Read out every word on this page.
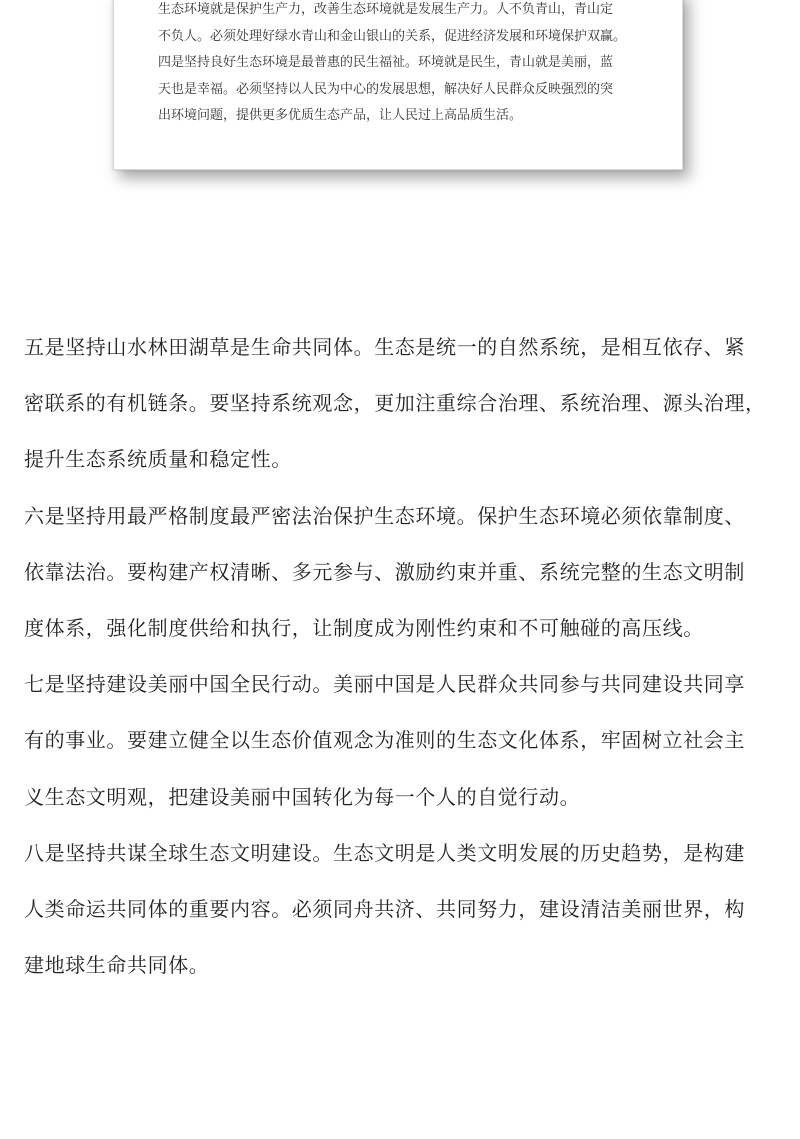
生态环境就是保护生产力，改善生态环境就是发展生产力。人不负青山，青山定
不负人。必须处理好绿水青山和金山银山的关系，促进经济发展和环境保护双赢。
四是坚持良好生态环境是最普惠的民生福祉。环境就是民生，青山就是美丽，蓝
天也是幸福。必须坚持以人民为中心的发展思想，解决好人民群众反映强烈的突
出环境问题，提供更多优质生态产品，让人民过上高品质生活。

五是坚持山水林田湖草是生命共同体。生态是统一的自然系统，是相互依存、紧
密联系的有机链条。要坚持系统观念，更加注重综合治理、系统治理、源头治理，
提升生态系统质量和稳定性。

六是坚持用最严格制度最严密法治保护生态环境。保护生态环境必须依靠制度、
依靠法治。要构建产权清晰、多元参与、激励约束并重、系统完整的生态文明制
度体系，强化制度供给和执行，让制度成为刚性约束和不可触碰的高压线。

七是坚持建设美丽中国全民行动。美丽中国是人民群众共同参与共同建设共同享
有的事业。要建立健全以生态价值观念为准则的生态文化体系，牢固树立社会主
义生态文明观，把建设美丽中国转化为每一个人的自觉行动。

八是坚持共谋全球生态文明建设。生态文明是人类文明发展的历史趋势，是构建
人类命运共同体的重要内容。必须同舟共济、共同努力，建设清洁美丽世界，构
建地球生命共同体。
